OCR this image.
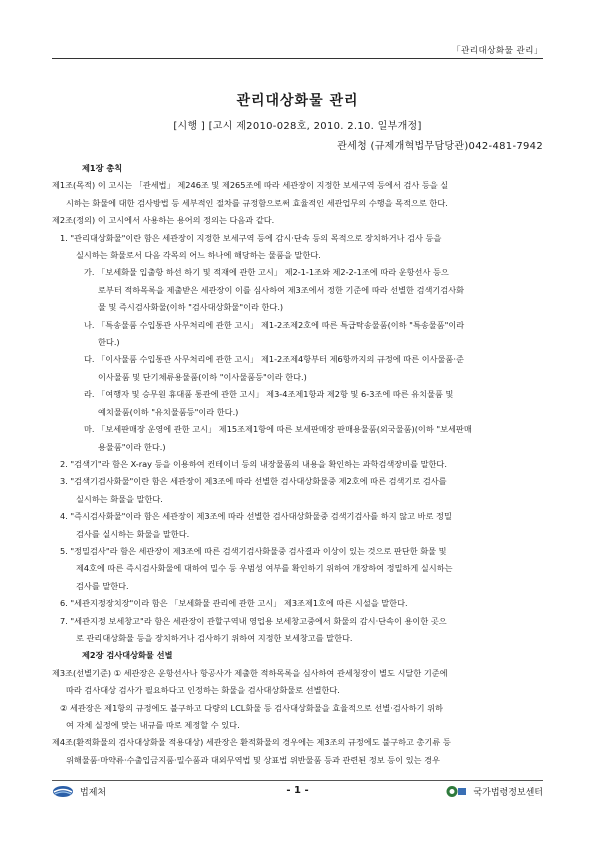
「관리대상화물 관리」
관리대상화물 관리
[시행 ] [고시 제2010-028호, 2010. 2.10. 일부개정]
관세청 (규제개혁법무담당관)042-481-7942

제1장 총칙

제1조(목적) 이 고시는 「관세법」 제246조 및 제265조에 따라 세관장이 지정한 보세구역 등에서 검사 등을 실

시하는 화물에 대한 검사방법 등 세부적인 절차를 규정함으로써 효율적인 세관업무의 수행을 목적으로 한다.

제2조(정의) 이 고시에서 사용하는 용어의 정의는 다음과 같다.

1. "관리대상화물"이란 함은 세관장이 지정한 보세구역 등에 감시·단속 등의 목적으로 장치하거나 검사 등을

실시하는 화물로서 다음 각목의 어느 하나에 해당하는 물품을 말한다.

가. 「보세화물 입출항 하선 하기 및 적재에 관한 고시」 제2-1-1조와 제2-2-1조에 따라 운항선사 등으

로부터 적하목록을 제출받은 세관장이 이를 심사하여 제3조에서 정한 기준에 따라 선별한 검색기검사화

물 및 즉시검사화물(이하 "검사대상화물"이라 한다.)

나. 「특송물품 수입통관 사무처리에 관한 고시」 제1-2조제2호에 따른 특급탁송물품(이하 "특송물품"이라

한다.)

다. 「이사물품 수입통관 사무처리에 관한 고시」 제1-2조제4항부터 제6항까지의 규정에 따른 이사물품·준

이사물품 및 단기체류용물품(이하 "이사물품등"이라 한다.)

라. 「여행자 및 승무원 휴대품 통관에 관한 고시」 제3-4조제1항과 제2항 및 6-3조에 따른 유치물품 및

예치물품(이하 "유치물품등"이라 한다.)

마. 「보세판매장 운영에 관한 고시」 제15조제1항에 따른 보세판매장 판매용물품(외국물품)(이하 "보세판매

용물품"이라 한다.)

2. "검색기"라 함은 X-ray 등을 이용하여 컨테이너 등의 내장물품의 내용을 확인하는 과학검색장비를 말한다.

3. "검색기검사화물"이란 함은 세관장이 제3조에 따라 선별한 검사대상화물중 제2호에 따른 검색기로 검사를

실시하는 화물을 말한다.

4. "즉시검사화물"이라 함은 세관장이 제3조에 따라 선별한 검사대상화물중 검색기검사를 하지 않고 바로 정밀

검사를 실시하는 화물을 말한다.

5. "정밀검사"라 함은 세관장이 제3조에 따른 검색기검사화물중 검사결과 이상이 있는 것으로 판단한 화물 및

제4호에 따른 즉시검사화물에 대하여 밀수 등 우범성 여부를 확인하기 위하여 개장하여 정밀하게 실시하는

검사를 말한다.

6. "세관지정장치장"이라 함은 「보세화물 관리에 관한 고시」 제3조제1호에 따른 시설을 말한다.

7. "세관지정 보세창고"라 함은 세관장이 관할구역내 영업용 보세창고중에서 화물의 감시·단속이 용이한 곳으

로 관리대상화물 등을 장치하거나 검사하기 위하여 지정한 보세창고를 말한다.

제2장 검사대상화물 선별

제3조(선별기준) ① 세관장은 운항선사나 항공사가 제출한 적하목록을 심사하여 관세청장이 별도 시달한 기준에

따라 검사대상 검사가 필요하다고 인정하는 화물을 검사대상화물로 선별한다.

② 세관장은 제1항의 규정에도 불구하고 다량의 LCL화물 등 검사대상화물을 효율적으로 선별·검사하기 위하

여 자체 실정에 맞는 내규를 따로 제정할 수 있다.

제4조(환적화물의 검사대상화물 적용대상) 세관장은 환적화물의 경우에는 제3조의 규정에도 불구하고 총기류 등

위해물품·마약류·수출입금지품·밀수품과 대외무역법 및 상표법 위반물품 등과 관련된 정보 등이 있는 경우

법제처	- 1 -	국가법령정보센터
